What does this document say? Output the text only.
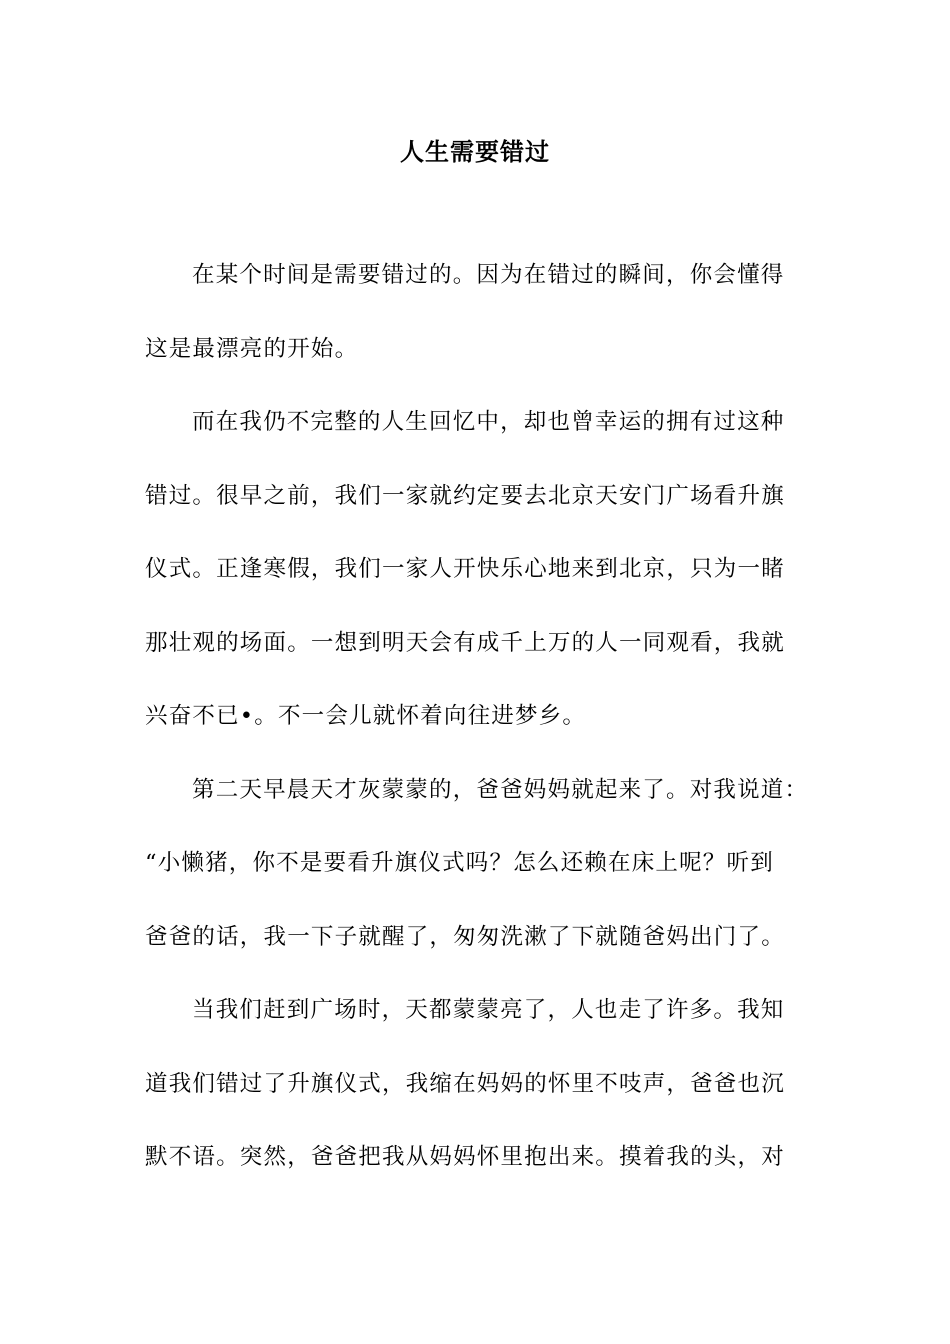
人生需要错过
在某个时间是需要错过的。因为在错过的瞬间，你会懂得
这是最漂亮的开始。
而在我仍不完整的人生回忆中，却也曾幸运的拥有过这种
错过。很早之前，我们一家就约定要去北京天安门广场看升旗
仪式。正逢寒假，我们一家人开快乐心地来到北京，只为一睹
那壮观的场面。一想到明天会有成千上万的人一同观看，我就
兴奋不已•。不一会儿就怀着向往进梦乡。
第二天早晨天才灰蒙蒙的，爸爸妈妈就起来了。对我说道：
“小懒猪，你不是要看升旗仪式吗？怎么还赖在床上呢？听到
爸爸的话，我一下子就醒了，匆匆洗漱了下就随爸妈出门了。
当我们赶到广场时，天都蒙蒙亮了，人也走了许多。我知
道我们错过了升旗仪式，我缩在妈妈的怀里不吱声，爸爸也沉
默不语。突然，爸爸把我从妈妈怀里抱出来。摸着我的头，对
